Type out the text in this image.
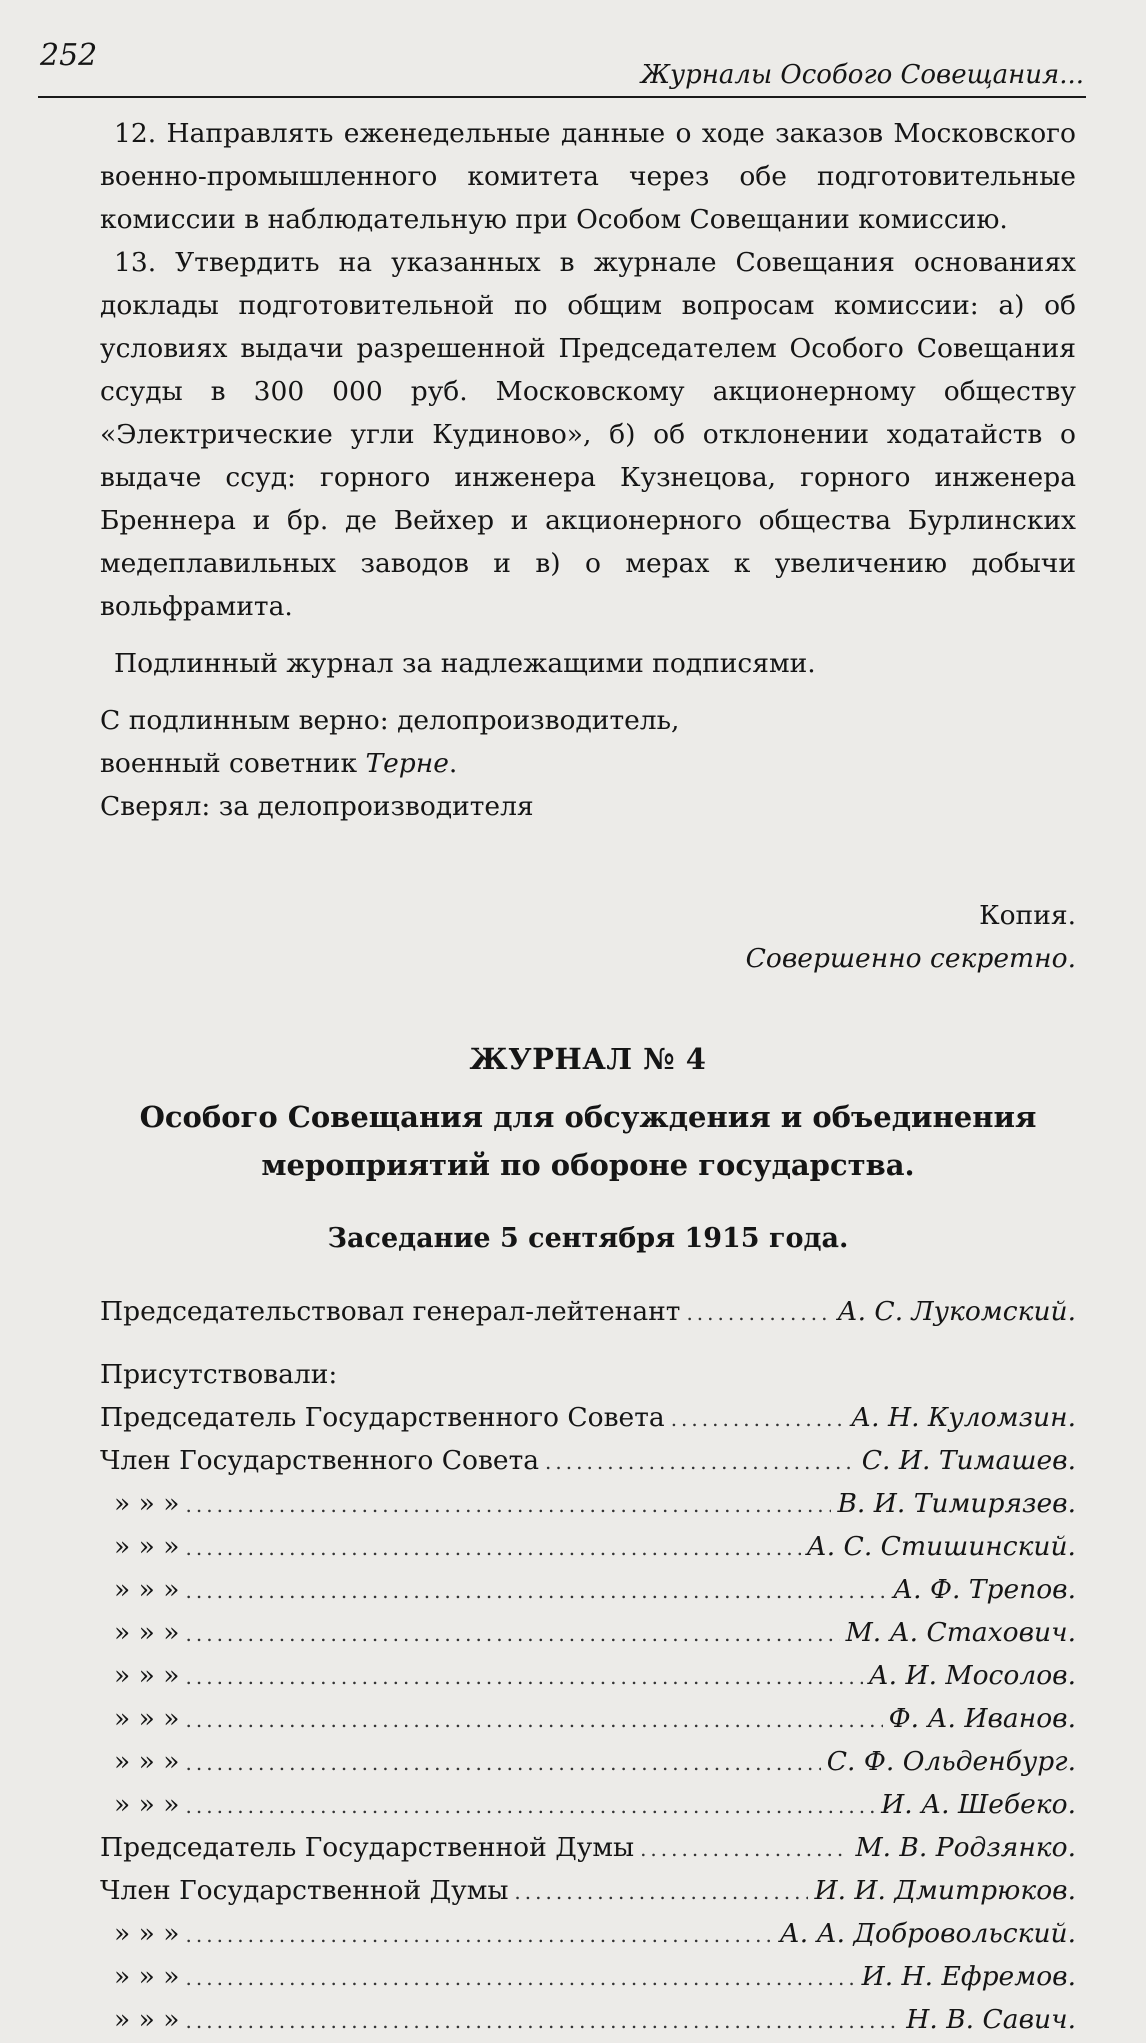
252
Журналы Особого Совещания...

12. Направлять еженедельные данные о ходе заказов Московского военно-промышленного комитета через обе подготовительные комиссии в наблюдательную при Особом Совещании комиссию.

13. Утвердить на указанных в журнале Совещания основаниях доклады подготовительной по общим вопросам комиссии: а) об условиях выдачи разрешенной Председателем Особого Совещания ссуды в 300 000 руб. Московскому акционерному обществу «Электрические угли Кудиново», б) об отклонении ходатайств о выдаче ссуд: горного инженера Кузнецова, горного инженера Бреннера и бр. де Вейхер и акционерного общества Бурлинских медеплавильных заводов и в) о мерах к увеличению добычи вольфрамита.

Подлинный журнал за надлежащими подписями.

С подлинным верно: делопроизводитель,

военный советник Терне.

Сверял: за делопроизводителя

Копия.

Совершенно секретно.

ЖУРНАЛ № 4

Особого Совещания для обсуждения и объединения

мероприятий по обороне государства.

Заседание 5 сентября 1915 года.
Председательствовал генерал-лейтенант .....	А. С. Лукомский.

Присутствовали:

Председатель Государственного Совета .....	А. Н. Куломзин.
Член Государственного Совета .....	С. И. Тимашев.
» » » .....	В. И. Тимирязев.
» » » .....	А. С. Стишинский.
» » » .....	А. Ф. Трепов.
» » » .....	М. А. Стахович.
» » » .....	А. И. Мосолов.
» » » .....	Ф. А. Иванов.
» » » .....	С. Ф. Ольденбург.
» » » .....	И. А. Шебеко.
Председатель Государственной Думы .....	М. В. Родзянко.
Член Государственной Думы .....	И. И. Дмитрюков.
» » » .....	А. А. Добровольский.
» » » .....	И. Н. Ефремов.
» » » .....	Н. В. Савич.
